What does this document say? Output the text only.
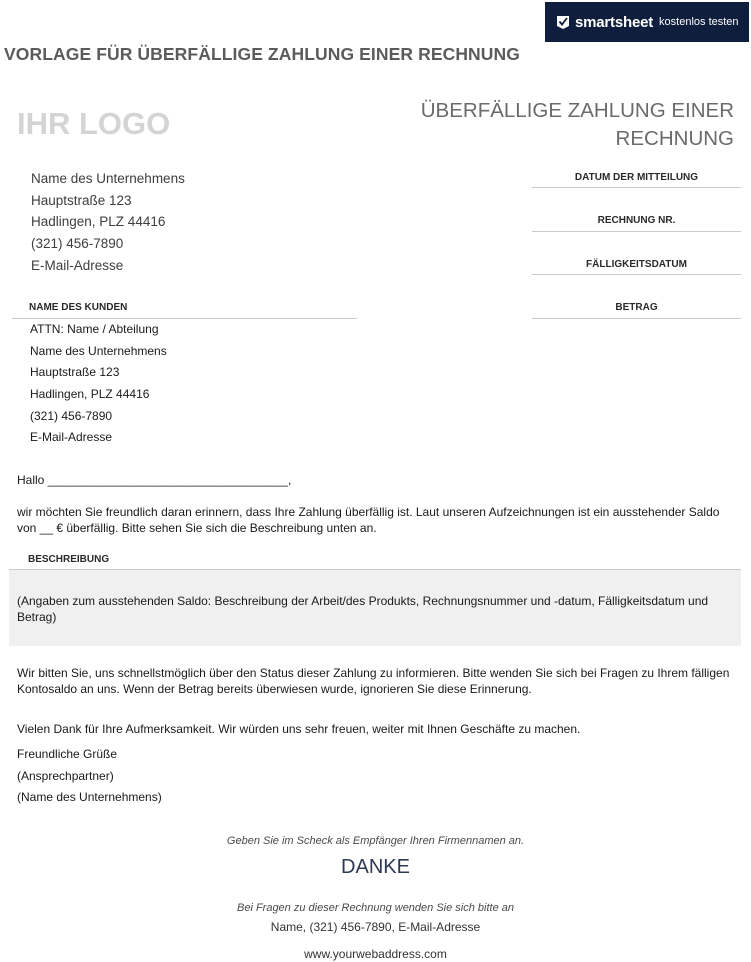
smartsheet kostenlos testen
VORLAGE FÜR ÜBERFÄLLIGE ZAHLUNG EINER RECHNUNG
IHR LOGO	ÜBERFÄLLIGE ZAHLUNG EINER
RECHNUNG
Name des Unternehmens
Hauptstraße 123
Hadlingen, PLZ 44416
(321) 456-7890
E-Mail-Adresse
DATUM DER MITTEILUNG
RECHNUNG NR.
FÄLLIGKEITSDATUM
BETRAG
NAME DES KUNDEN
ATTN: Name / Abteilung
Name des Unternehmens
Hauptstraße 123
Hadlingen, PLZ 44416
(321) 456-7890
E-Mail-Adresse
Hallo ____________________________________,
wir möchten Sie freundlich daran erinnern, dass Ihre Zahlung überfällig ist. Laut unseren Aufzeichnungen ist ein ausstehender Saldo von __ € überfällig. Bitte sehen Sie sich die Beschreibung unten an.
BESCHREIBUNG
(Angaben zum ausstehenden Saldo: Beschreibung der Arbeit/des Produkts, Rechnungsnummer und -datum, Fälligkeitsdatum und Betrag)
Wir bitten Sie, uns schnellstmöglich über den Status dieser Zahlung zu informieren. Bitte wenden Sie sich bei Fragen zu Ihrem fälligen Kontosaldo an uns. Wenn der Betrag bereits überwiesen wurde, ignorieren Sie diese Erinnerung.
Vielen Dank für Ihre Aufmerksamkeit. Wir würden uns sehr freuen, weiter mit Ihnen Geschäfte zu machen.
Freundliche Grüße
(Ansprechpartner)
(Name des Unternehmens)
Geben Sie im Scheck als Empfänger Ihren Firmennamen an.
DANKE
Bei Fragen zu dieser Rechnung wenden Sie sich bitte an
Name, (321) 456-7890, E-Mail-Adresse
www.yourwebaddress.com
